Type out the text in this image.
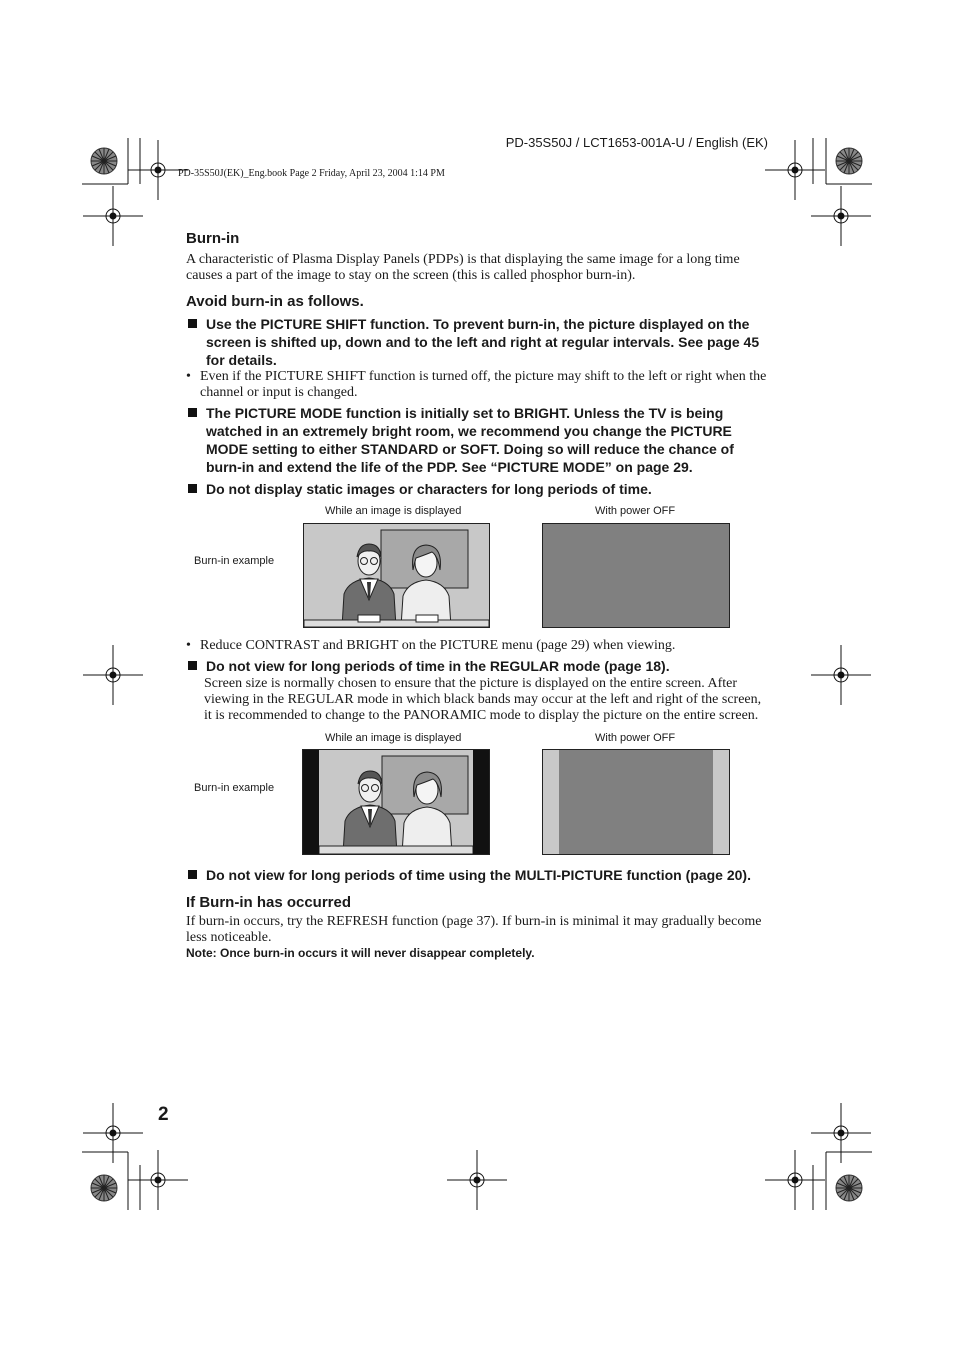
PD-35S50J / LCT1653-001A-U / English (EK)
PD-35S50J(EK)_Eng.book Page 2 Friday, April 23, 2004 1:14 PM
Burn-in
A characteristic of Plasma Display Panels (PDPs) is that displaying the same image for a long time causes a part of the image to stay on the screen (this is called phosphor burn-in).
Avoid burn-in as follows.
Use the PICTURE SHIFT function. To prevent burn-in, the picture displayed on the screen is shifted up, down and to the left and right at regular intervals. See page 45 for details.
• Even if the PICTURE SHIFT function is turned off, the picture may shift to the left or right when the channel or input is changed.
The PICTURE MODE function is initially set to BRIGHT. Unless the TV is being watched in an extremely bright room, we recommend you change the PICTURE MODE setting to either STANDARD or SOFT. Doing so will reduce the chance of burn-in and extend the life of the PDP. See “PICTURE MODE” on page 29.
Do not display static images or characters for long periods of time.
While an image is displayed	With power OFF
Burn-in example
• Reduce CONTRAST and BRIGHT on the PICTURE menu (page 29) when viewing.
Do not view for long periods of time in the REGULAR mode (page 18).
Screen size is normally chosen to ensure that the picture is displayed on the entire screen. After viewing in the REGULAR mode in which black bands may occur at the left and right of the screen, it is recommended to change to the PANORAMIC mode to display the picture on the entire screen.
While an image is displayed	With power OFF
Burn-in example
Do not view for long periods of time using the MULTI-PICTURE function (page 20).
If Burn-in has occurred
If burn-in occurs, try the REFRESH function (page 37). If burn-in is minimal it may gradually become less noticeable.
Note: Once burn-in occurs it will never disappear completely.
2
